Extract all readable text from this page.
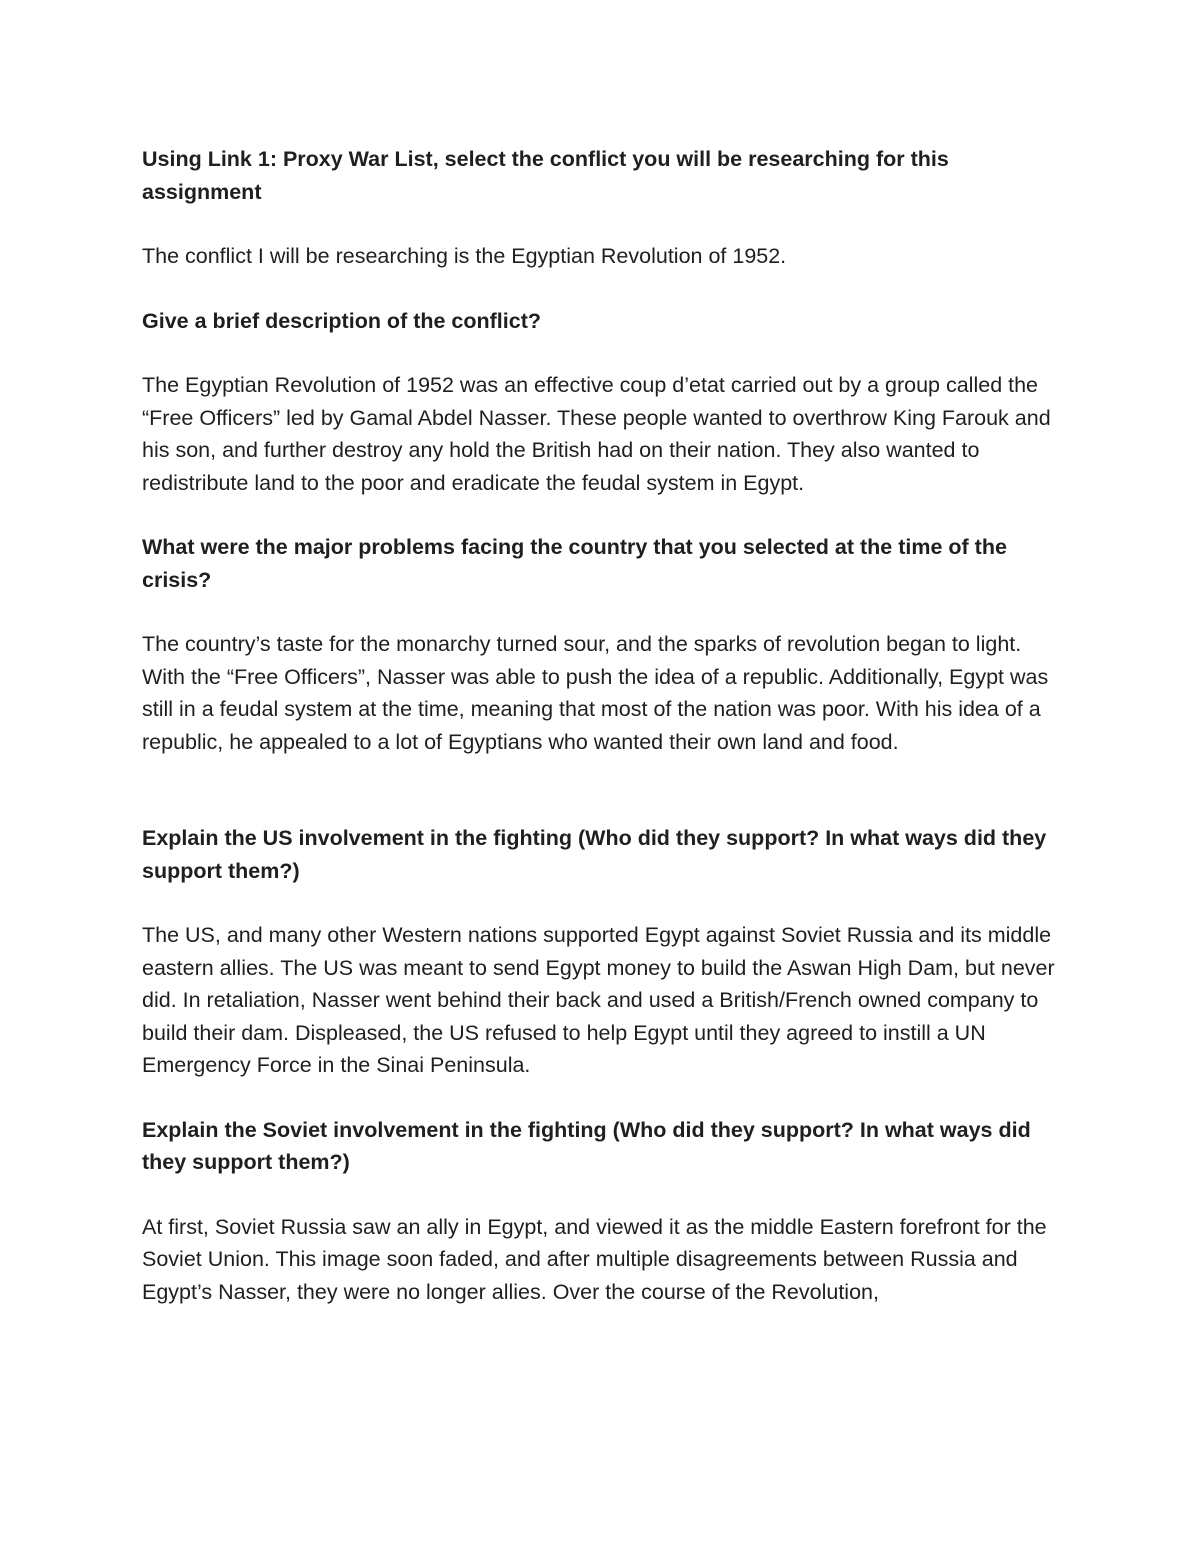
Using Link 1: Proxy War List, select the conflict you will be researching for this assignment

The conflict I will be researching is the Egyptian Revolution of 1952.

Give a brief description of the conflict?

The Egyptian Revolution of 1952 was an effective coup d’etat carried out by a group called the “Free Officers” led by Gamal Abdel Nasser. These people wanted to overthrow King Farouk and his son, and further destroy any hold the British had on their nation. They also wanted to redistribute land to the poor and eradicate the feudal system in Egypt.

What were the major problems facing the country that you selected at the time of the crisis?

The country’s taste for the monarchy turned sour, and the sparks of revolution began to light. With the “Free Officers”, Nasser was able to push the idea of a republic. Additionally, Egypt was still in a feudal system at the time, meaning that most of the nation was poor. With his idea of a republic, he appealed to a lot of Egyptians who wanted their own land and food.

Explain the US involvement in the fighting (Who did they support? In what ways did they support them?)

The US, and many other Western nations supported Egypt against Soviet Russia and its middle eastern allies. The US was meant to send Egypt money to build the Aswan High Dam, but never did. In retaliation, Nasser went behind their back and used a British/French owned company to build their dam. Displeased, the US refused to help Egypt until they agreed to instill a UN Emergency Force in the Sinai Peninsula.

Explain the Soviet involvement in the fighting (Who did they support? In what ways did they support them?)

At first, Soviet Russia saw an ally in Egypt, and viewed it as the middle Eastern forefront for the Soviet Union. This image soon faded, and after multiple disagreements between Russia and Egypt’s Nasser, they were no longer allies. Over the course of the Revolution,
